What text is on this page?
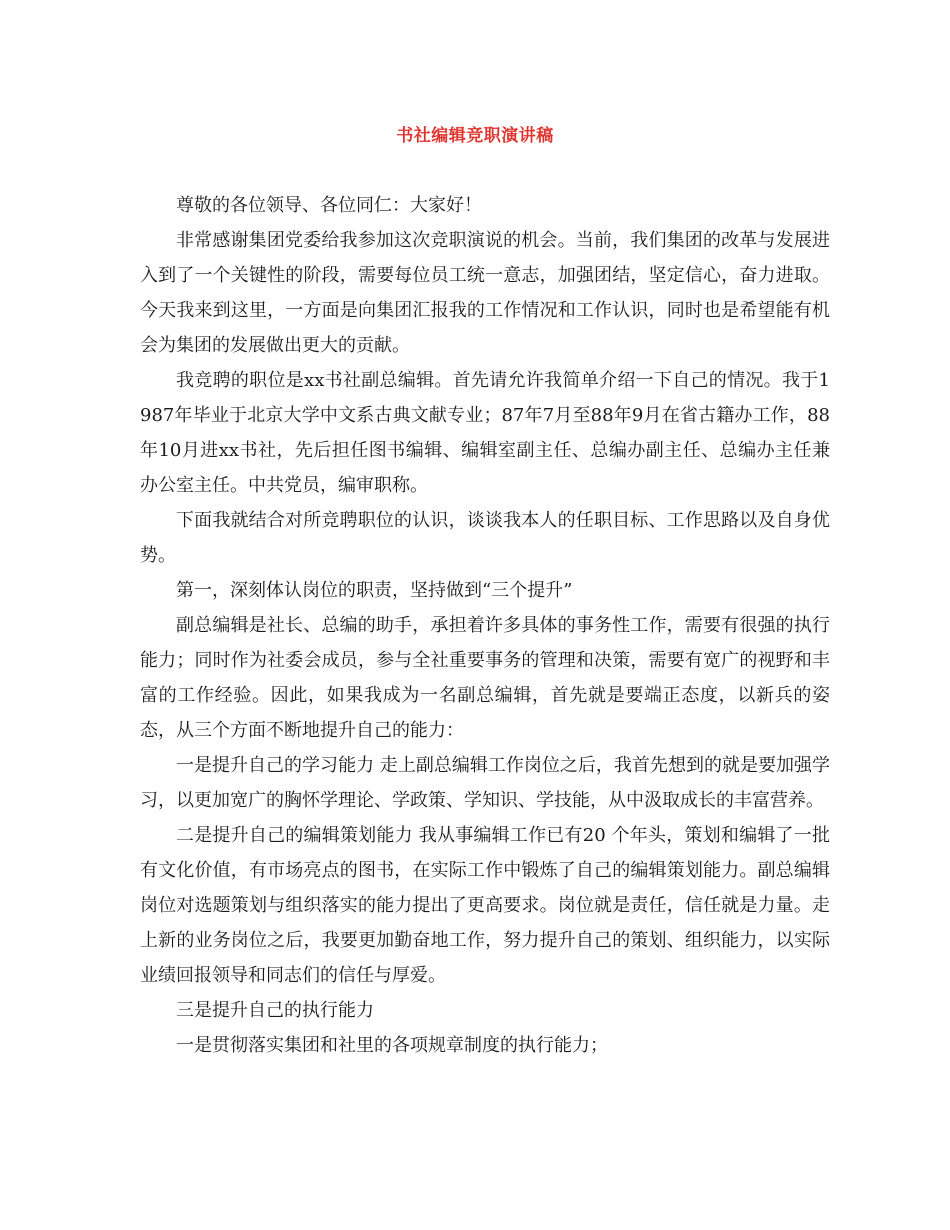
书社编辑竞职演讲稿

尊敬的各位领导、各位同仁：大家好！

非常感谢集团党委给我参加这次竞职演说的机会。当前，我们集团的改革与发展进入到了一个关键性的阶段，需要每位员工统一意志，加强团结，坚定信心，奋力进取。今天我来到这里，一方面是向集团汇报我的工作情况和工作认识，同时也是希望能有机会为集团的发展做出更大的贡献。

我竞聘的职位是xx书社副总编辑。首先请允许我简单介绍一下自己的情况。我于1987年毕业于北京大学中文系古典文献专业；87年7月至88年9月在省古籍办工作，88年10月进xx书社，先后担任图书编辑、编辑室副主任、总编办副主任、总编办主任兼办公室主任。中共党员，编审职称。

下面我就结合对所竞聘职位的认识，谈谈我本人的任职目标、工作思路以及自身优势。

第一，深刻体认岗位的职责，坚持做到“三个提升”

副总编辑是社长、总编的助手，承担着许多具体的事务性工作，需要有很强的执行能力；同时作为社委会成员，参与全社重要事务的管理和决策，需要有宽广的视野和丰富的工作经验。因此，如果我成为一名副总编辑，首先就是要端正态度，以新兵的姿态，从三个方面不断地提升自己的能力：

一是提升自己的学习能力 走上副总编辑工作岗位之后，我首先想到的就是要加强学习，以更加宽广的胸怀学理论、学政策、学知识、学技能，从中汲取成长的丰富营养。

二是提升自己的编辑策划能力 我从事编辑工作已有20 个年头，策划和编辑了一批有文化价值，有市场亮点的图书，在实际工作中锻炼了自己的编辑策划能力。副总编辑岗位对选题策划与组织落实的能力提出了更高要求。岗位就是责任，信任就是力量。走上新的业务岗位之后，我要更加勤奋地工作，努力提升自己的策划、组织能力，以实际业绩回报领导和同志们的信任与厚爱。

三是提升自己的执行能力

一是贯彻落实集团和社里的各项规章制度的执行能力；
